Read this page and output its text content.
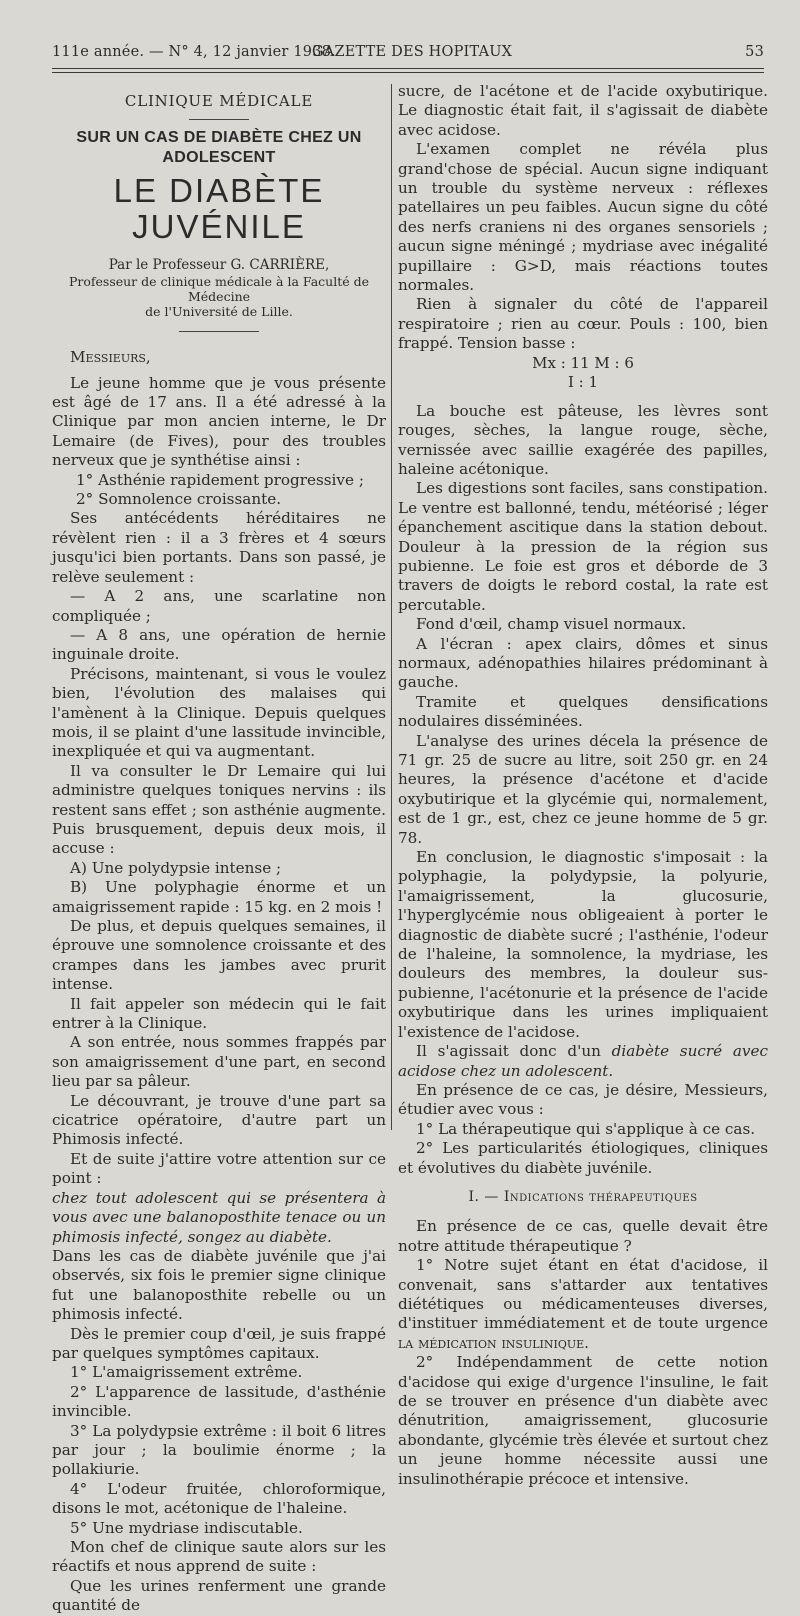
111e année. — N° 4, 12 janvier 1938.
GAZETTE DES HOPITAUX	53

CLINIQUE MÉDICALE

SUR UN CAS DE DIABÈTE CHEZ UN ADOLESCENT

LE DIABÈTE JUVÉNILE

Par le Professeur G. CARRIÈRE,

Professeur de clinique médicale à la Faculté de Médecine

de l'Université de Lille.

Messieurs,

Le jeune homme que je vous présente est âgé de 17 ans. Il a été adressé à la Clinique par mon ancien interne, le Dr Lemaire (de Fives), pour des troubles nerveux que je synthétise ainsi :

1° Asthénie rapidement progressive ;

2° Somnolence croissante.

Ses antécédents héréditaires ne révèlent rien : il a 3 frères et 4 sœurs jusqu'ici bien portants. Dans son passé, je relève seulement :

— A 2 ans, une scarlatine non compliquée ;

— A 8 ans, une opération de hernie inguinale droite.

Précisons, maintenant, si vous le voulez bien, l'évolution des malaises qui l'amènent à la Clinique. Depuis quelques mois, il se plaint d'une lassitude invincible, inexpliquée et qui va augmentant.

Il va consulter le Dr Lemaire qui lui administre quelques toniques nervins : ils restent sans effet ; son asthénie augmente. Puis brusquement, depuis deux mois, il accuse :

A) Une polydypsie intense ;

B) Une polyphagie énorme et un amaigrissement rapide : 15 kg. en 2 mois !

De plus, et depuis quelques semaines, il éprouve une somnolence croissante et des crampes dans les jambes avec prurit intense.

Il fait appeler son médecin qui le fait entrer à la Clinique.

A son entrée, nous sommes frappés par son amaigrissement d'une part, en second lieu par sa pâleur.

Le découvrant, je trouve d'une part sa cicatrice opératoire, d'autre part un Phimosis infecté.

Et de suite j'attire votre attention sur ce point :

chez tout adolescent qui se présentera à vous avec une balanoposthite tenace ou un phimosis infecté, songez au diabète.

Dans les cas de diabète juvénile que j'ai observés, six fois le premier signe clinique fut une balanoposthite rebelle ou un phimosis infecté.

Dès le premier coup d'œil, je suis frappé par quelques symptômes capitaux.

1° L'amaigrissement extrême.

2° L'apparence de lassitude, d'asthénie invincible.

3° La polydypsie extrême : il boit 6 litres par jour ; la boulimie énorme ; la pollakiurie.

4° L'odeur fruitée, chloroformique, disons le mot, acétonique de l'haleine.

5° Une mydriase indiscutable.

Mon chef de clinique saute alors sur les réactifs et nous apprend de suite :

Que les urines renferment une grande quantité de

sucre, de l'acétone et de l'acide oxybutirique. Le diagnostic était fait, il s'agissait de diabète avec acidose.

L'examen complet ne révéla plus grand'chose de spécial. Aucun signe indiquant un trouble du système nerveux : réflexes patellaires un peu faibles. Aucun signe du côté des nerfs craniens ni des organes sensoriels ; aucun signe méningé ; mydriase avec inégalité pupillaire : G>D, mais réactions toutes normales.

Rien à signaler du côté de l'appareil respiratoire ; rien au cœur. Pouls : 100, bien frappé. Tension basse :

Mx : 11 M : 6

I : 1

La bouche est pâteuse, les lèvres sont rouges, sèches, la langue rouge, sèche, vernissée avec saillie exagérée des papilles, haleine acétonique.

Les digestions sont faciles, sans constipation. Le ventre est ballonné, tendu, météorisé ; léger épanchement ascitique dans la station debout. Douleur à la pression de la région sus pubienne. Le foie est gros et déborde de 3 travers de doigts le rebord costal, la rate est percutable.

Fond d'œil, champ visuel normaux.

A l'écran : apex clairs, dômes et sinus normaux, adénopathies hilaires prédominant à gauche.

Tramite et quelques densifications nodulaires disséminées.

L'analyse des urines décela la présence de 71 gr. 25 de sucre au litre, soit 250 gr. en 24 heures, la présence d'acétone et d'acide oxybutirique et la glycémie qui, normalement, est de 1 gr., est, chez ce jeune homme de 5 gr. 78.

En conclusion, le diagnostic s'imposait : la polyphagie, la polydypsie, la polyurie, l'amaigrissement, la glucosurie, l'hyperglycémie nous obligeaient à porter le diagnostic de diabète sucré ; l'asthénie, l'odeur de l'haleine, la somnolence, la mydriase, les douleurs des membres, la douleur sus-pubienne, l'acétonurie et la présence de l'acide oxybutirique dans les urines impliquaient l'existence de l'acidose.

Il s'agissait donc d'un diabète sucré avec acidose chez un adolescent.

En présence de ce cas, je désire, Messieurs, étudier avec vous :

1° La thérapeutique qui s'applique à ce cas.

2° Les particularités étiologiques, cliniques et évolutives du diabète juvénile.

I. — Indications thérapeutiques

En présence de ce cas, quelle devait être notre attitude thérapeutique ?

1° Notre sujet étant en état d'acidose, il convenait, sans s'attarder aux tentatives diététiques ou médicamenteuses diverses, d'instituer immédiatement et de toute urgence la médication insulinique.

2° Indépendamment de cette notion d'acidose qui exige d'urgence l'insuline, le fait de se trouver en présence d'un diabète avec dénutrition, amaigrissement, glucosurie abondante, glycémie très élevée et surtout chez un jeune homme nécessite aussi une insulinothérapie précoce et intensive.
